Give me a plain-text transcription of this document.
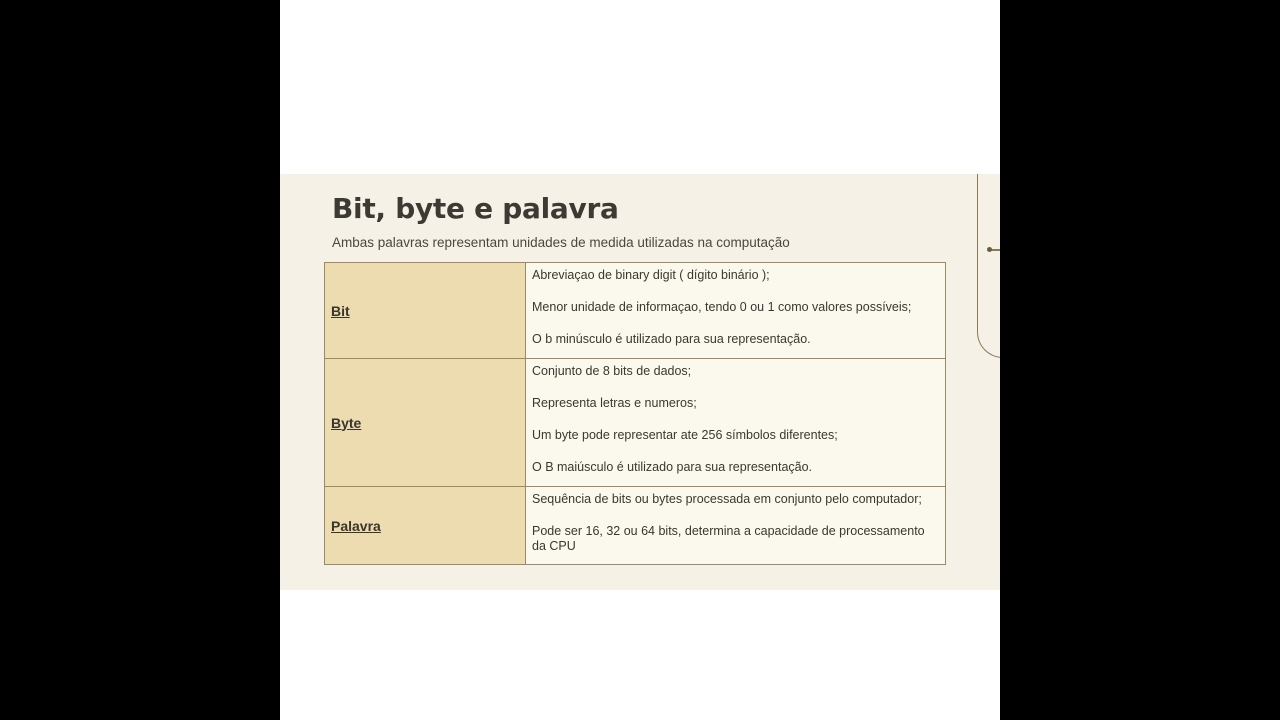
Bit, byte e palavra

Ambas palavras representam unidades de medida utilizadas na computação

Bit	Abreviaçao de binary digit ( dígito binário );

Menor unidade de informaçao, tendo 0 ou 1 como valores possíveis;

O b minúsculo é utilizado para sua representação.

Byte	Conjunto de 8 bits de dados;

Representa letras e numeros;

Um byte pode representar ate 256 símbolos diferentes;

O B maiúsculo é utilizado para sua representação.

Palavra	Sequência de bits ou bytes processada em conjunto pelo computador;

Pode ser 16, 32 ou 64 bits, determina a capacidade de processamento da CPU
